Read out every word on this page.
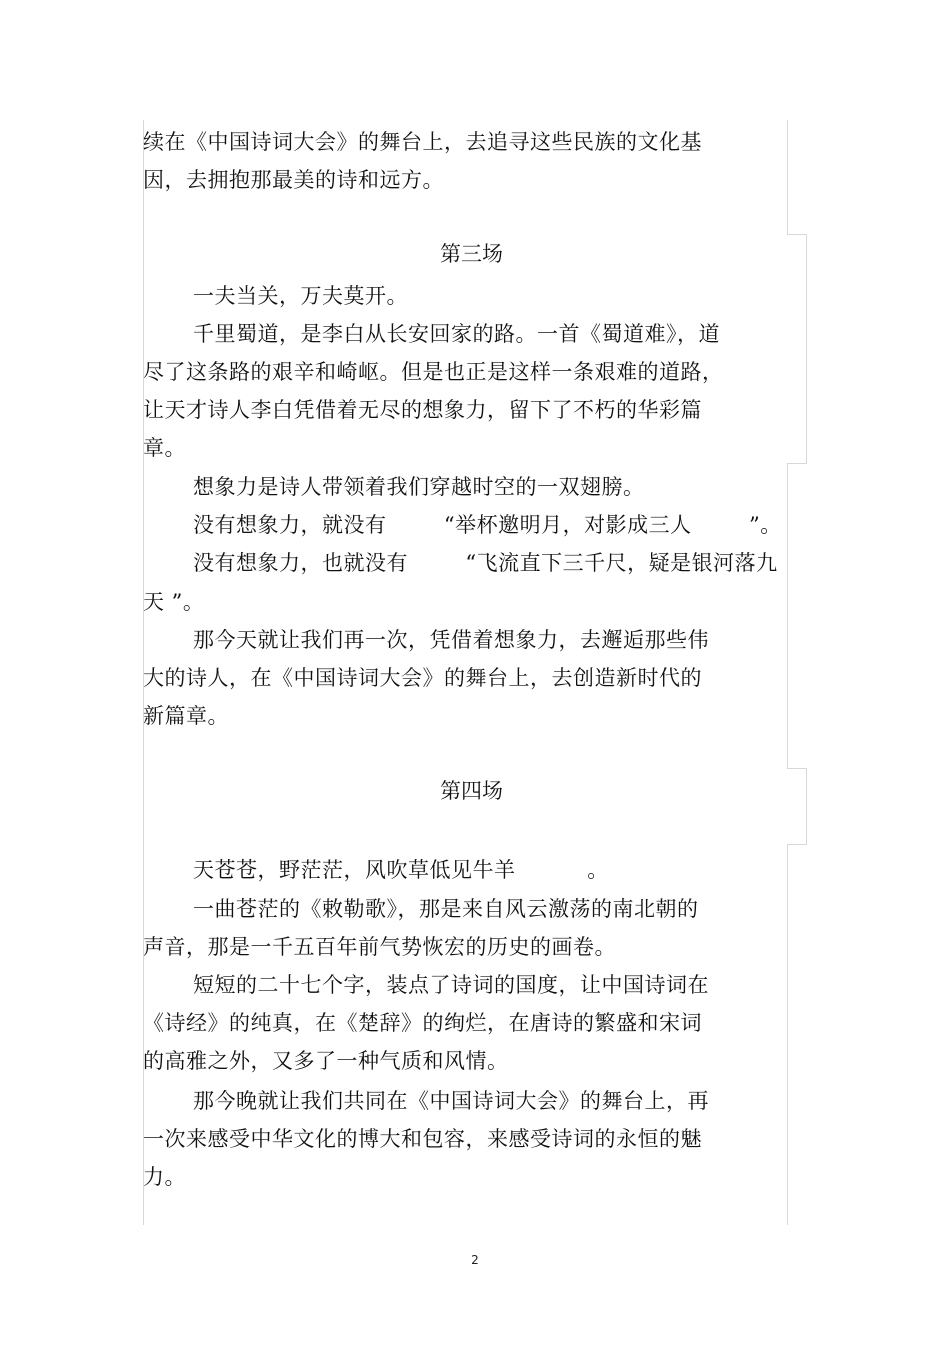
续在《中国诗词大会》的舞台上，去追寻这些民族的文化基
因，去拥抱那最美的诗和远方。
第三场
一夫当关，万夫莫开。
千里蜀道，是李白从长安回家的路。一首《蜀道难》，道
尽了这条路的艰辛和崎岖。但是也正是这样一条艰难的道路，
让天才诗人李白凭借着无尽的想象力，留下了不朽的华彩篇
章。
想象力是诗人带领着我们穿越时空的一双翅膀。
没有想象力，就没有        “举杯邀明月，对影成三人        ”。
没有想象力，也就没有        “飞流直下三千尺，疑是银河落九
天 ”。
那今天就让我们再一次，凭借着想象力，去邂逅那些伟
大的诗人，在《中国诗词大会》的舞台上，去创造新时代的
新篇章。
第四场
天苍苍，野茫茫，风吹草低见牛羊          。
一曲苍茫的《敕勒歌》，那是来自风云激荡的南北朝的
声音，那是一千五百年前气势恢宏的历史的画卷。
短短的二十七个字，装点了诗词的国度，让中国诗词在
《诗经》的纯真，在《楚辞》的绚烂，在唐诗的繁盛和宋词
的高雅之外，又多了一种气质和风情。
那今晚就让我们共同在《中国诗词大会》的舞台上，再
一次来感受中华文化的博大和包容，来感受诗词的永恒的魅
力。
2
